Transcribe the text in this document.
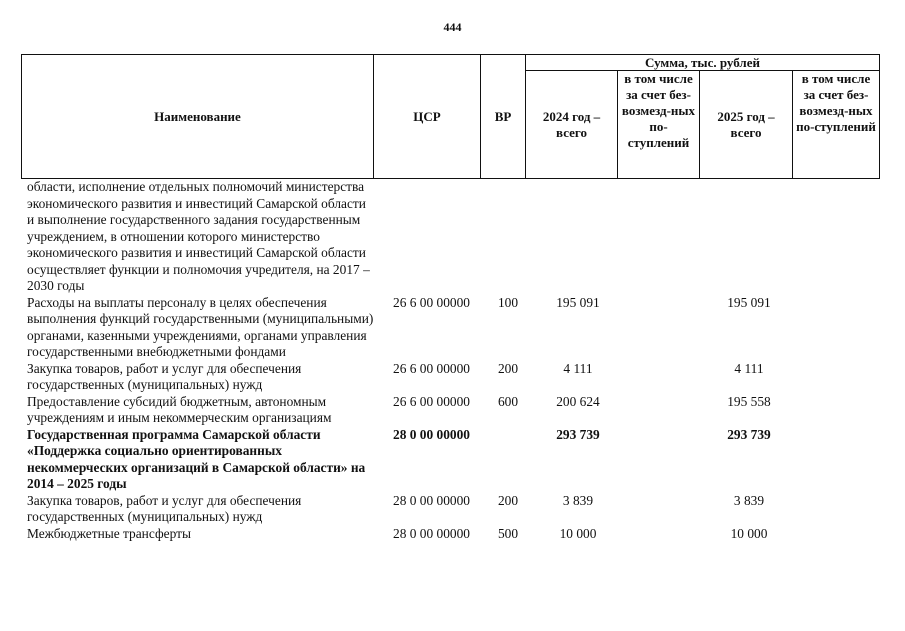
444
Наименование	ЦСР	ВР	Сумма, тыс. рублей			
			2024 год – всего	в том числе за счет без-возмезд-ных по-ступлений	2025 год – всего	в том числе за счет без-возмезд-ных по-ступлений
области, исполнение отдельных полномочий министерства экономического развития и инвестиций Самарской области и выполнение государственного задания государственным учреждением, в отношении которого министерство экономического развития и инвестиций Самарской области осуществляет функции и полномочия учредителя, на 2017 – 2030 годы						
Расходы на выплаты персоналу в целях обеспечения выполнения функций государственными (муниципальными) органами, казенными учреждениями, органами управления государственными внебюджетными фондами	26 6 00 00000	100	195 091		195 091	
Закупка товаров, работ и услуг для обеспечения государственных (муниципальных) нужд	26 6 00 00000	200	4 111		4 111	
Предоставление субсидий бюджетным, автономным учреждениям и иным некоммерческим организациям	26 6 00 00000	600	200 624		195 558	
Государственная программа Самарской области «Поддержка социально ориентированных некоммерческих организаций в Самарской области» на 2014 – 2025 годы	28 0 00 00000		293 739		293 739	
Закупка товаров, работ и услуг для обеспечения государственных (муниципальных) нужд	28 0 00 00000	200	3 839		3 839	
Межбюджетные трансферты	28 0 00 00000	500	10 000		10 000	
